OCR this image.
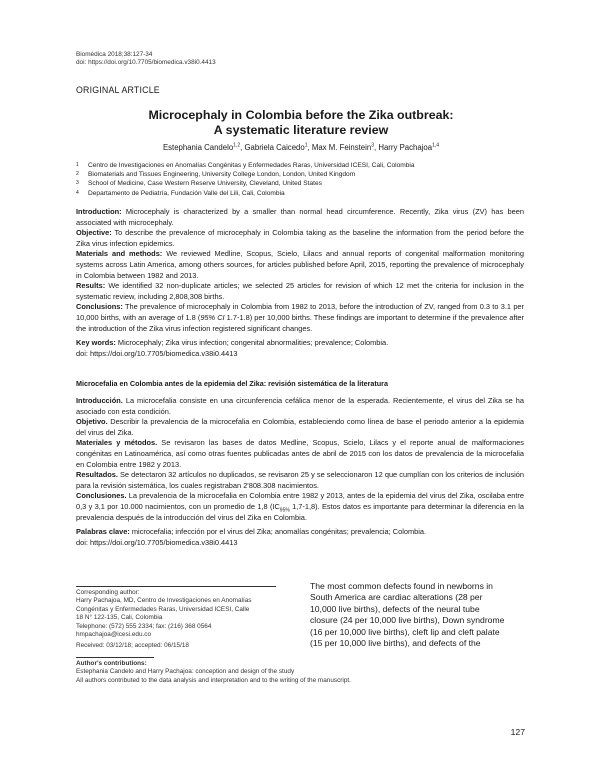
Biomédica 2018;38:127-34
doi: https://doi.org/10.7705/biomedica.v38i0.4413
ORIGINAL ARTICLE
Microcephaly in Colombia before the Zika outbreak:
A systematic literature review
Estephania Candelo$^{1,2}$, Gabriela Caicedo$^1$, Max M. Feinstein$^3$, Harry Pachajoa$^{1,4}$
1	Centro de Investigaciones en Anomalías Congénitas y Enfermedades Raras, Universidad ICESI, Cali, Colombia
2	Biomaterials and Tissues Engineering, University College London, London, United Kingdom
3	School of Medicine, Case Western Reserve University, Cleveland, United States
4	Departamento de Pediatría, Fundación Valle del Lili, Cali, Colombia
Introduction: Microcephaly is characterized by a smaller than normal head circumference. Recently, Zika virus (ZV) has been associated with microcephaly.
Objective: To describe the prevalence of microcephaly in Colombia taking as the baseline the information from the period before the Zika virus infection epidemics.
Materials and methods: We reviewed Medline, Scopus, Scielo, Lilacs and annual reports of congenital malformation monitoring systems across Latin America, among others sources, for articles published before April, 2015, reporting the prevalence of microcephaly in Colombia between 1982 and 2013.
Results: We identified 32 non-duplicate articles; we selected 25 articles for revision of which 12 met the criteria for inclusion in the systematic review, including 2,808,308 births.
Conclusions: The prevalence of microcephaly in Colombia from 1982 to 2013, before the introduction of ZV, ranged from 0.3 to 3.1 per 10,000 births, with an average of 1.8 (95% CI 1.7-1.8) per 10,000 births. These findings are important to determine if the prevalence after the introduction of the Zika virus infection registered significant changes.
Key words: Microcephaly; Zika virus infection; congenital abnormalities; prevalence; Colombia.
doi: https://doi.org/10.7705/biomedica.v38i0.4413
Microcefalia en Colombia antes de la epidemia del Zika: revisión sistemática de la literatura
Introducción. La microcefalia consiste en una circunferencia cefálica menor de la esperada. Recientemente, el virus del Zika se ha asociado con esta condición.
Objetivo. Describir la prevalencia de la microcefalia en Colombia, estableciendo como línea de base el periodo anterior a la epidemia del virus del Zika.
Materiales y métodos. Se revisaron las bases de datos Medline, Scopus, Scielo, Lilacs y el reporte anual de malformaciones congénitas en Latinoamérica, así como otras fuentes publicadas antes de abril de 2015 con los datos de prevalencia de la microcefalia en Colombia entre 1982 y 2013.
Resultados. Se detectaron 32 artículos no duplicados, se revisaron 25 y se seleccionaron 12 que cumplían con los criterios de inclusión para la revisión sistemática, los cuales registraban 2'808.308 nacimientos.
Conclusiones. La prevalencia de la microcefalia en Colombia entre 1982 y 2013, antes de la epidemia del virus del Zika, oscilaba entre 0,3 y 3,1 por 10.000 nacimientos, con un promedio de 1,8 ($IC_{95\%}$ 1,7-1,8). Estos datos es importante para determinar la diferencia en la prevalencia después de la introducción del virus del Zika en Colombia.
Palabras clave: microcefalia; infección por el virus del Zika; anomalías congénitas; prevalencia; Colombia.
doi: https://doi.org/10.7705/biomedica.v38i0.4413
Corresponding author:
Harry Pachajoa, MD, Centro de Investigaciones en Anomalías
Congénitas y Enfermedades Raras, Universidad ICESI, Calle
18 N° 122-135, Cali, Colombia
Telephone: (572) 555 2334; fax: (216) 368 0564
hmpachajoa@icesi.edu.co
Received: 03/12/18; accepted: 06/15/18
The most common defects found in newborns in
South America are cardiac alterations (28 per
10,000 live births), defects of the neural tube
closure (24 per 10,000 live births), Down syndrome
(16 per 10,000 live births), cleft lip and cleft palate
(15 per 10,000 live births), and defects of the
Author's contributions:
Estephania Candelo and Harry Pachajoa: conception and design of the study
All authors contributed to the data analysis and interpretation and to the writing of the manuscript.
127
